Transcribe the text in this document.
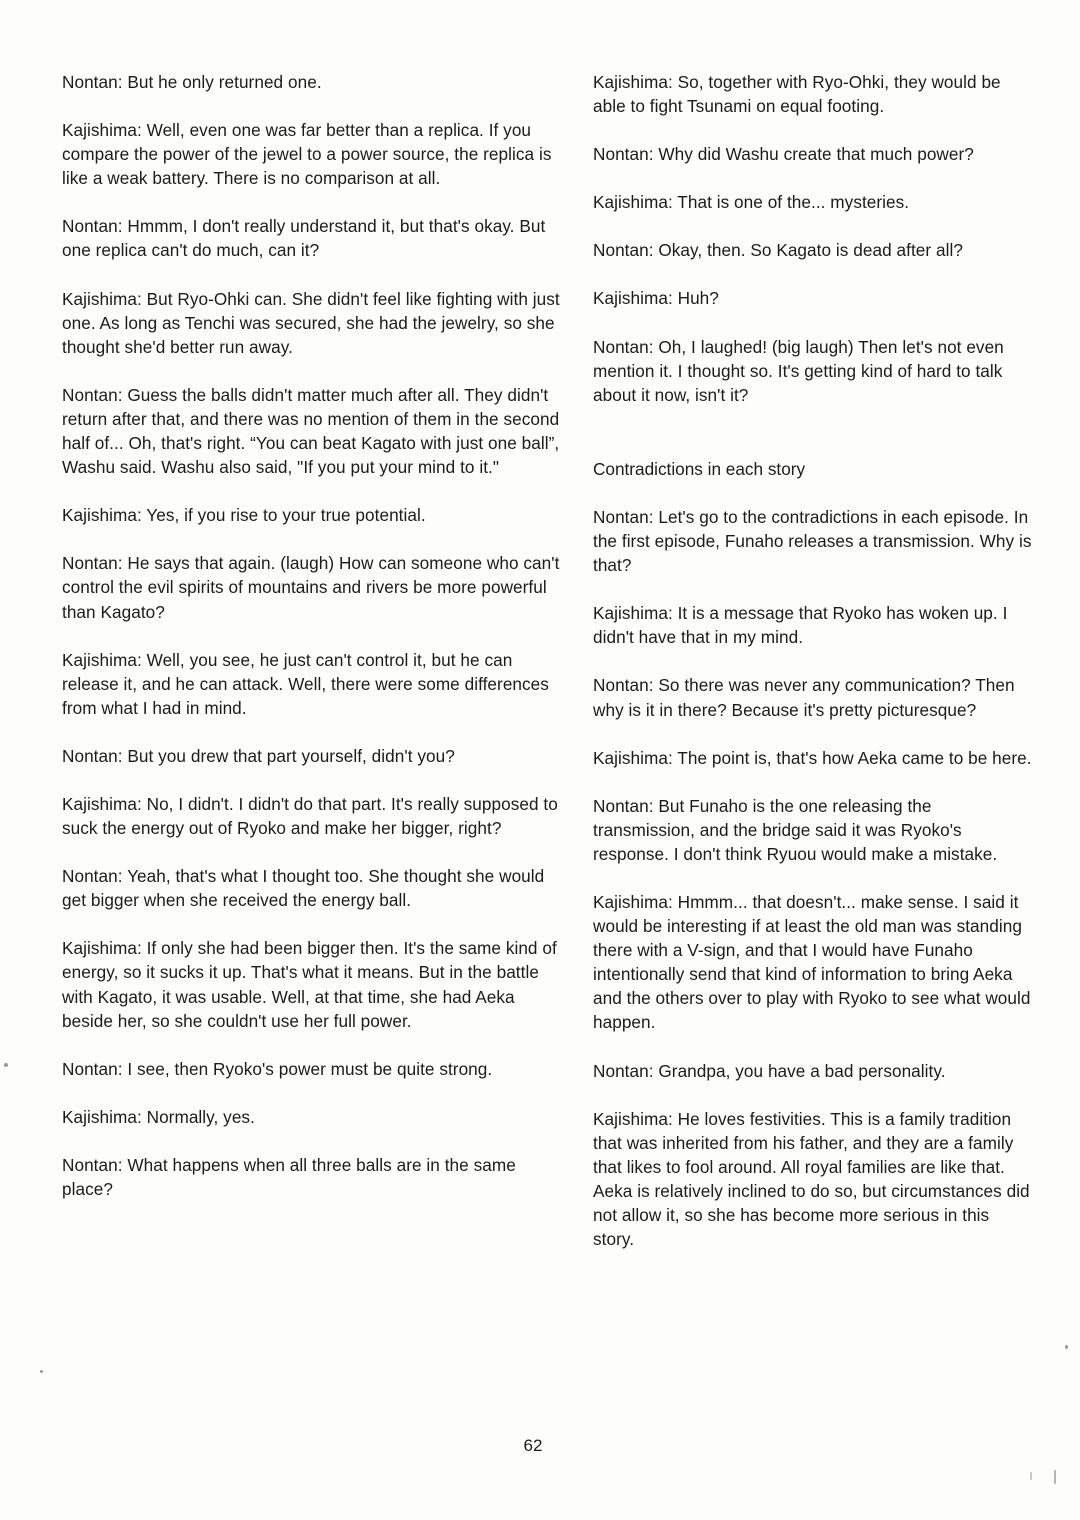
Nontan: But he only returned one.

Kajishima: Well, even one was far better than a replica. If you compare the power of the jewel to a power source, the replica is like a weak battery. There is no comparison at all.

Nontan: Hmmm, I don't really understand it, but that's okay. But one replica can't do much, can it?

Kajishima: But Ryo-Ohki can. She didn't feel like fighting with just one. As long as Tenchi was secured, she had the jewelry, so she thought she'd better run away.

Nontan: Guess the balls didn't matter much after all. They didn't return after that, and there was no mention of them in the second half of... Oh, that's right. “You can beat Kagato with just one ball”, Washu said. Washu also said, "If you put your mind to it."

Kajishima: Yes, if you rise to your true potential.

Nontan: He says that again. (laugh) How can someone who can't control the evil spirits of mountains and rivers be more powerful than Kagato?

Kajishima: Well, you see, he just can't control it, but he can release it, and he can attack. Well, there were some differences from what I had in mind.

Nontan: But you drew that part yourself, didn't you?

Kajishima: No, I didn't. I didn't do that part. It's really supposed to suck the energy out of Ryoko and make her bigger, right?

Nontan: Yeah, that's what I thought too. She thought she would get bigger when she received the energy ball.

Kajishima: If only she had been bigger then. It's the same kind of energy, so it sucks it up. That's what it means. But in the battle with Kagato, it was usable. Well, at that time, she had Aeka beside her, so she couldn't use her full power.

Nontan: I see, then Ryoko's power must be quite strong.

Kajishima: Normally, yes.

Nontan: What happens when all three balls are in the same place?

Kajishima: So, together with Ryo-Ohki, they would be able to fight Tsunami on equal footing.

Nontan: Why did Washu create that much power?

Kajishima: That is one of the... mysteries.

Nontan: Okay, then. So Kagato is dead after all?

Kajishima: Huh?

Nontan: Oh, I laughed! (big laugh) Then let's not even mention it. I thought so. It's getting kind of hard to talk about it now, isn't it?

Contradictions in each story

Nontan: Let's go to the contradictions in each episode. In the first episode, Funaho releases a transmission. Why is that?

Kajishima: It is a message that Ryoko has woken up. I didn't have that in my mind.

Nontan: So there was never any communication? Then why is it in there? Because it's pretty picturesque?

Kajishima: The point is, that's how Aeka came to be here.

Nontan: But Funaho is the one releasing the transmission, and the bridge said it was Ryoko's response. I don't think Ryuou would make a mistake.

Kajishima: Hmmm... that doesn't... make sense. I said it would be interesting if at least the old man was standing there with a V-sign, and that I would have Funaho intentionally send that kind of information to bring Aeka and the others over to play with Ryoko to see what would happen.

Nontan: Grandpa, you have a bad personality.

Kajishima: He loves festivities. This is a family tradition that was inherited from his father, and they are a family that likes to fool around. All royal families are like that. Aeka is relatively inclined to do so, but circumstances did not allow it, so she has become more serious in this story.

62
